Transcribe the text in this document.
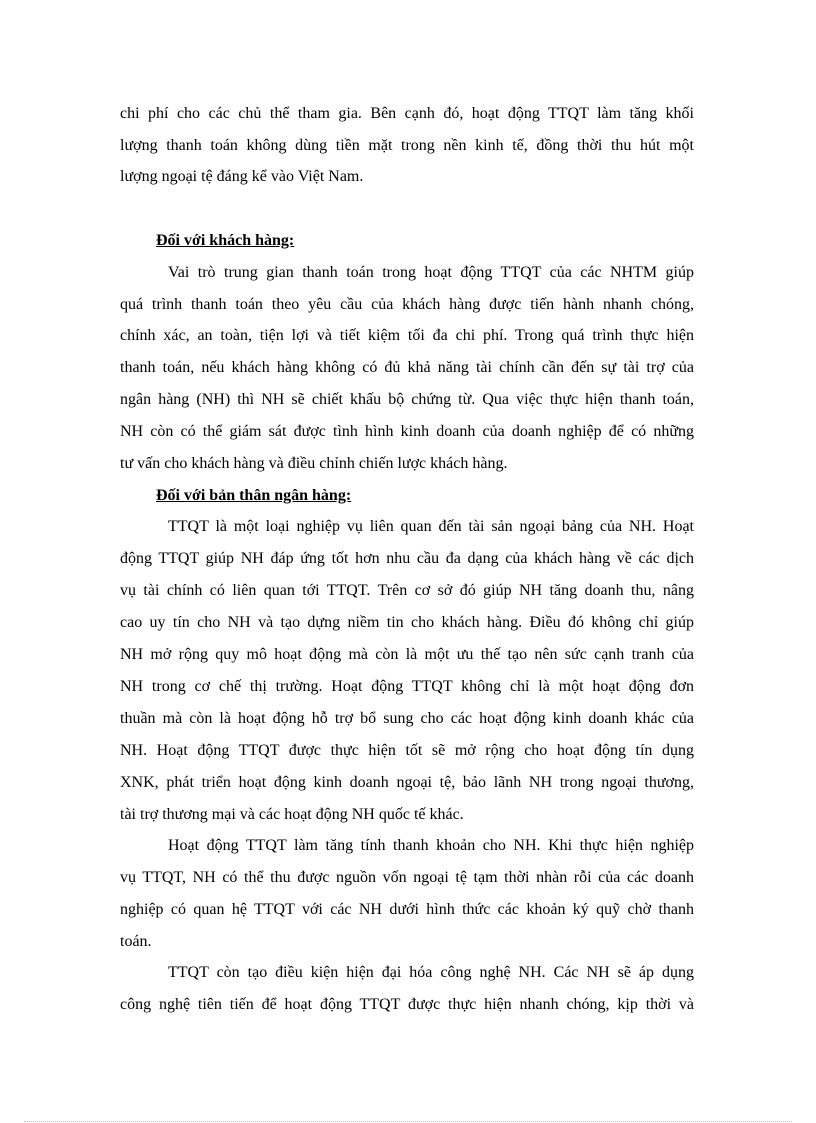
chi phí cho các chủ thể tham gia. Bên cạnh đó, hoạt động TTQT làm tăng khối
lượng thanh toán không dùng tiền mặt trong nền kinh tế, đồng thời thu hút một
lượng ngoại tệ đáng kể vào Việt Nam.
Đối với khách hàng:
Vai trò trung gian thanh toán trong hoạt động TTQT của các NHTM giúp
quá trình thanh toán theo yêu cầu của khách hàng được tiến hành nhanh chóng,
chính xác, an toàn, tiện lợi và tiết kiệm tối đa chi phí. Trong quá trình thực hiện
thanh toán, nếu khách hàng không có đủ khả năng tài chính cần đến sự tài trợ của
ngân hàng (NH) thì NH sẽ chiết khấu bộ chứng từ. Qua việc thực hiện thanh toán,
NH còn có thể giám sát được tình hình kinh doanh của doanh nghiệp để có những
tư vấn cho khách hàng và điều chỉnh chiến lược khách hàng.
Đối với bản thân ngân hàng:
TTQT là một loại nghiệp vụ liên quan đến tài sản ngoại bảng của NH. Hoạt
động TTQT giúp NH đáp ứng tốt hơn nhu cầu đa dạng của khách hàng về các dịch
vụ tài chính có liên quan tới TTQT. Trên cơ sở đó giúp NH tăng doanh thu, nâng
cao uy tín cho NH và tạo dựng niềm tin cho khách hàng. Điều đó không chỉ giúp
NH mở rộng quy mô hoạt động mà còn là một ưu thế tạo nên sức cạnh tranh của
NH trong cơ chế thị trường. Hoạt động TTQT không chỉ là một hoạt động đơn
thuần mà còn là hoạt động hỗ trợ bổ sung cho các hoạt động kinh doanh khác của
NH. Hoạt động TTQT được thực hiện tốt sẽ mở rộng cho hoạt động tín dụng
XNK, phát triển hoạt động kinh doanh ngoại tệ, bảo lãnh NH trong ngoại thương,
tài trợ thương mại và các hoạt động NH quốc tế khác.
Hoạt động TTQT làm tăng tính thanh khoản cho NH. Khi thực hiện nghiệp
vụ TTQT, NH có thể thu được nguồn vốn ngoại tệ tạm thời nhàn rỗi của các doanh
nghiệp có quan hệ TTQT với các NH dưới hình thức các khoản ký quỹ chờ thanh
toán.
TTQT còn tạo điều kiện hiện đại hóa công nghệ NH. Các NH sẽ áp dụng
công nghệ tiên tiến để hoạt động TTQT được thực hiện nhanh chóng, kịp thời và
